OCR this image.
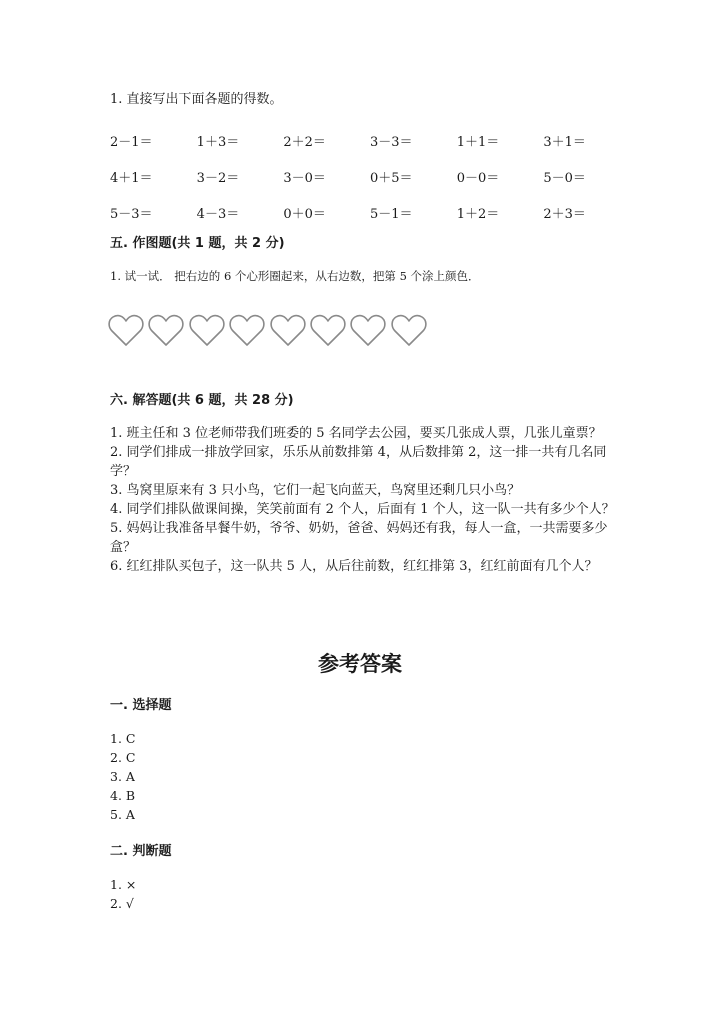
1. 直接写出下面各题的得数。
2－1＝	1＋3＝	2＋2＝	3－3＝	1＋1＝	3＋1＝
4＋1＝	3－2＝	3－0＝	0＋5＝	0－0＝	5－0＝
5－3＝	4－3＝	0＋0＝	5－1＝	1＋2＝	2＋3＝
五. 作图题(共 1 题，共 2 分)
1. 试一试． 把右边的 6 个心形圈起来，从右边数，把第 5 个涂上颜色．
六. 解答题(共 6 题，共 28 分)

1. 班主任和 3 位老师带我们班委的 5 名同学去公园，要买几张成人票，几张儿童票？

2. 同学们排成一排放学回家，乐乐从前数排第 4，从后数排第 2，这一排一共有几名同学？

3. 鸟窝里原来有 3 只小鸟，它们一起飞向蓝天，鸟窝里还剩几只小鸟？

4. 同学们排队做课间操，笑笑前面有 2 个人，后面有 1 个人，这一队一共有多少个人？

5. 妈妈让我准备早餐牛奶，爷爷、奶奶，爸爸、妈妈还有我，每人一盒，一共需要多少盒？

6. 红红排队买包子，这一队共 5 人，从后往前数，红红排第 3，红红前面有几个人？

参考答案
一. 选择题
1. C
2. C
3. A
4. B
5. A
二. 判断题
1. ×
2. √
